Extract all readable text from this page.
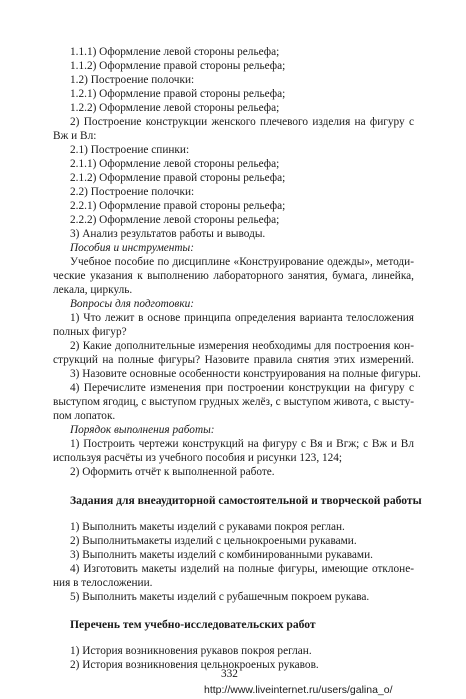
1.1.1) Оформление левой стороны рельефа;
1.1.2) Оформление правой стороны рельефа;
1.2) Построение полочки:
1.2.1) Оформление правой стороны рельефа;
1.2.2) Оформление левой стороны рельефа;
2) Построение конструкции женского плечевого изделия на фигуру с
Вж и Вл:
2.1) Построение спинки:
2.1.1) Оформление левой стороны рельефа;
2.1.2) Оформление правой стороны рельефа;
2.2) Построение полочки:
2.2.1) Оформление правой стороны рельефа;
2.2.2) Оформление левой стороны рельефа;
3) Анализ результатов работы и выводы.
Пособия и инструменты:
Учебное пособие по дисциплине «Конструирование одежды», методи-
ческие указания к выполнению лабораторного занятия, бумага, линейка,
лекала, циркуль.
Вопросы для подготовки:
1) Что лежит в основе принципа определения варианта телосложения
полных фигур?
2) Какие дополнительные измерения необходимы для построения кон-
струкций на полные фигуры? Назовите правила снятия этих измерений.
3) Назовите основные особенности конструирования на полные фигуры.
4) Перечислите изменения при построении конструкции на фигуру с
выступом ягодиц, с выступом грудных желёз, с выступом живота, с высту-
пом лопаток.
Порядок выполнения работы:
1) Построить чертежи конструкций на фигуру с Вя и Вгж; с Вж и Вл
используя расчёты из учебного пособия и рисунки 123, 124;
2) Оформить отчёт к выполненной работе.
Задания для внеаудиторной самостоятельной и творческой работы
1) Выполнить макеты изделий с рукавами покроя реглан.
2) Выполнитьмакеты изделий с цельнокроеными рукавами.
3) Выполнить макеты изделий с комбинированными рукавами.
4) Изготовить макеты изделий на полные фигуры, имеющие отклоне-
ния в телосложении.
5) Выполнить макеты изделий с рубашечным покроем рукава.
Перечень тем учебно-исследовательских работ
1) История возникновения рукавов покроя реглан.
2) История возникновения цельнокроеных рукавов.
332
http://www.liveinternet.ru/users/galina_o/
